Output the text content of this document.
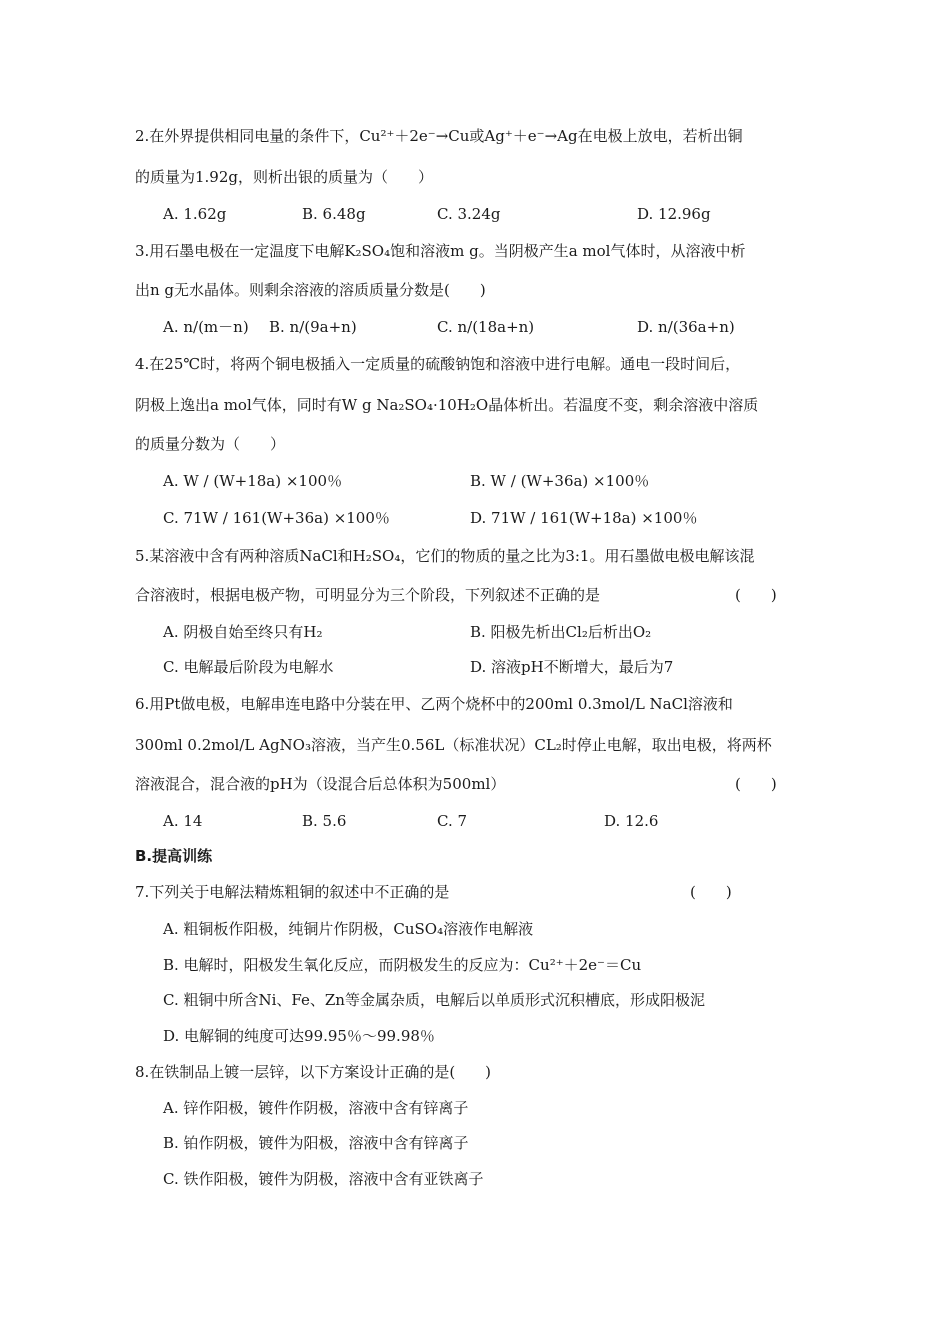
2.在外界提供相同电量的条件下，Cu²⁺＋2e⁻→Cu或Ag⁺＋e⁻→Ag在电极上放电，若析出铜
的质量为1.92g，则析出银的质量为（　　）
A. 1.62g	B. 6.48g	C. 3.24g	D. 12.96g
3.用石墨电极在一定温度下电解K₂SO₄饱和溶液m g。当阴极产生a mol气体时，从溶液中析
出n g无水晶体。则剩余溶液的溶质质量分数是(　　)
A. n/(m－n) B. n/(9a+n)	C. n/(18a+n)	D. n/(36a+n)
4.在25℃时，将两个铜电极插入一定质量的硫酸钠饱和溶液中进行电解。通电一段时间后，
阴极上逸出a mol气体，同时有W g Na₂SO₄·10H₂O晶体析出。若温度不变，剩余溶液中溶质
的质量分数为（　　）
A. W / (W+18a) ×100％	B. W / (W+36a) ×100％
C. 71W / 161(W+36a) ×100％	D. 71W / 161(W+18a) ×100％
5.某溶液中含有两种溶质NaCl和H₂SO₄，它们的物质的量之比为3:1。用石墨做电极电解该混
合溶液时，根据电极产物，可明显分为三个阶段，下列叙述不正确的是	(　　)
A. 阴极自始至终只有H₂	B. 阳极先析出Cl₂后析出O₂
C. 电解最后阶段为电解水	D. 溶液pH不断增大，最后为7
6.用Pt做电极，电解串连电路中分装在甲、乙两个烧杯中的200ml 0.3mol/L NaCl溶液和
300ml 0.2mol/L AgNO₃溶液，当产生0.56L（标准状况）CL₂时停止电解，取出电极，将两杯
溶液混合，混合液的pH为（设混合后总体积为500ml）	(　　)
A. 14	B. 5.6	C. 7	D. 12.6
B.提高训练
7.下列关于电解法精炼粗铜的叙述中不正确的是	(　　)
A. 粗铜板作阳极，纯铜片作阴极，CuSO₄溶液作电解液
B. 电解时，阳极发生氧化反应，而阴极发生的反应为：Cu²⁺＋2e⁻＝Cu
C. 粗铜中所含Ni、Fe、Zn等金属杂质，电解后以单质形式沉积槽底，形成阳极泥
D. 电解铜的纯度可达99.95％～99.98％
8.在铁制品上镀一层锌，以下方案设计正确的是(　　)
A. 锌作阳极，镀件作阴极，溶液中含有锌离子
B. 铂作阴极，镀件为阳极，溶液中含有锌离子
C. 铁作阳极，镀件为阴极，溶液中含有亚铁离子
